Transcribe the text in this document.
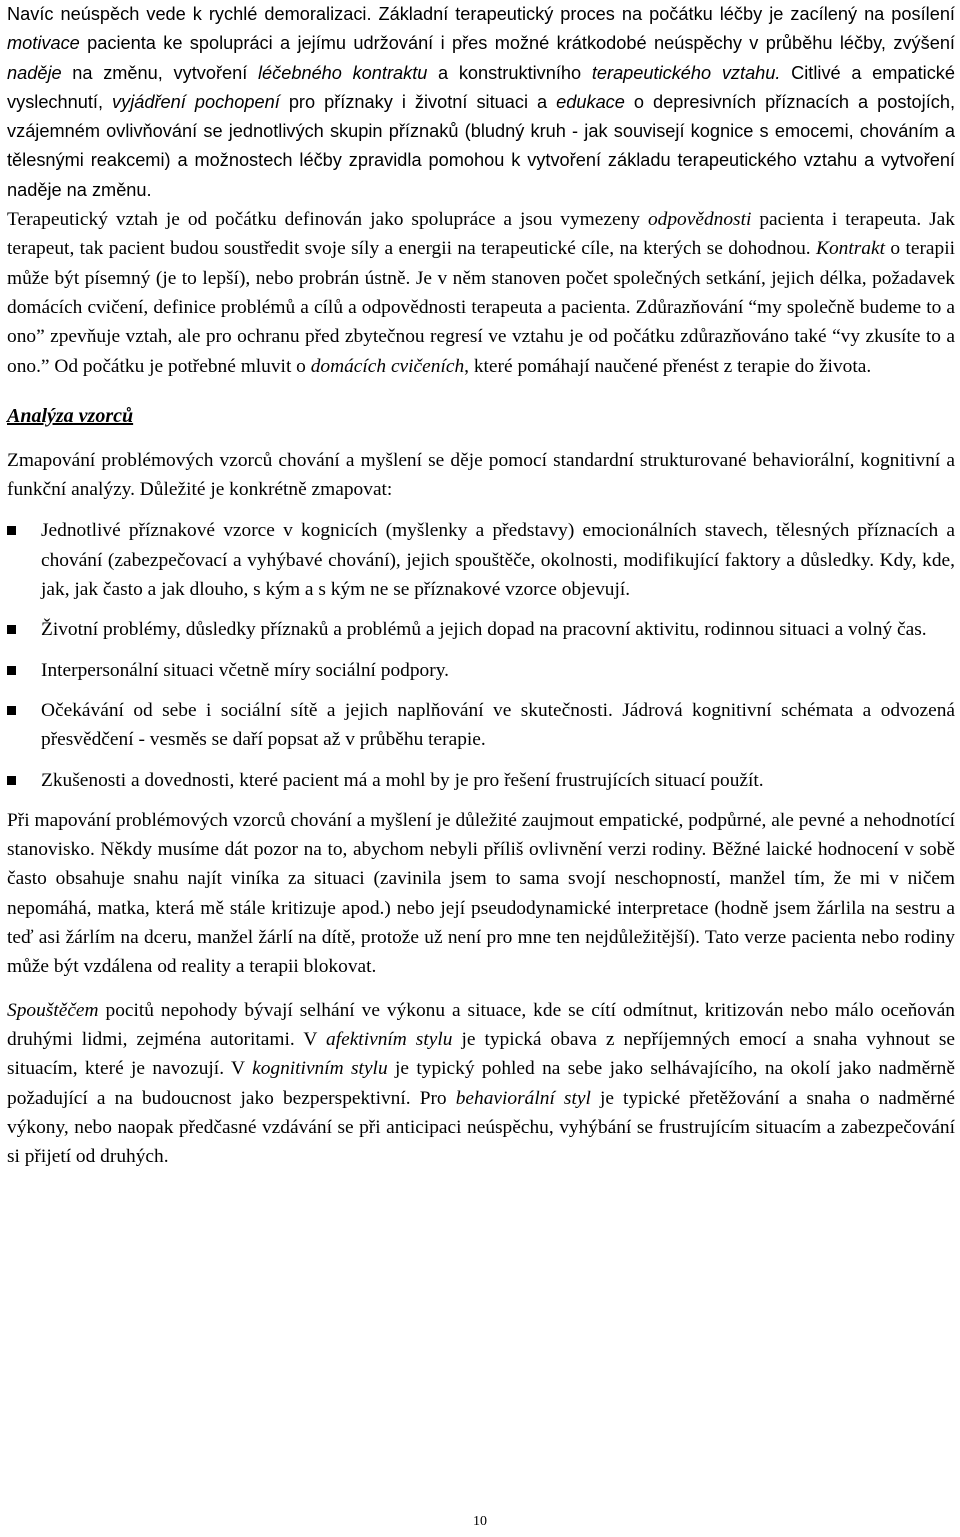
Navíc neúspěch vede k rychlé demoralizaci. Základní terapeutický proces na počátku léčby je zacílený na posílení motivace pacienta ke spolupráci a jejímu udržování i přes možné krátkodobé neúspěchy v průběhu léčby, zvýšení naděje na změnu, vytvoření léčebného kontraktu a konstruktivního terapeutického vztahu. Citlivé a empatické vyslechnutí, vyjádření pochopení pro příznaky i životní situaci a edukace o depresivních příznacích a postojích, vzájemném ovlivňování se jednotlivých skupin příznaků (bludný kruh - jak souvisejí kognice s emocemi, chováním a tělesnými reakcemi) a možnostech léčby zpravidla pomohou k vytvoření základu terapeutického vztahu a vytvoření naděje na změnu.

Terapeutický vztah je od počátku definován jako spolupráce a jsou vymezeny odpovědnosti pacienta i terapeuta. Jak terapeut, tak pacient budou soustředit svoje síly a energii na terapeutické cíle, na kterých se dohodnou. Kontrakt o terapii může být písemný (je to lepší), nebo probrán ústně. Je v něm stanoven počet společných setkání, jejich délka, požadavek domácích cvičení, definice problémů a cílů a odpovědnosti terapeuta a pacienta. Zdůrazňování “my společně budeme to a ono” zpevňuje vztah, ale pro ochranu před zbytečnou regresí ve vztahu je od počátku zdůrazňováno také “vy zkusíte to a ono.” Od počátku je potřebné mluvit o domácích cvičeních, které pomáhají naučené přenést z terapie do života.

Analýza vzorců

Zmapování problémových vzorců chování a myšlení se děje pomocí standardní strukturované behaviorální, kognitivní a funkční analýzy. Důležité je konkrétně zmapovat:

Jednotlivé příznakové vzorce v kognicích (myšlenky a představy) emocionálních stavech, tělesných příznacích a chování (zabezpečovací a vyhýbavé chování), jejich spouštěče, okolnosti, modifikující faktory a důsledky. Kdy, kde, jak, jak často a jak dlouho, s kým a s kým ne se příznakové vzorce objevují.
Životní problémy, důsledky příznaků a problémů a jejich dopad na pracovní aktivitu, rodinnou situaci a volný čas.
Interpersonální situaci včetně míry sociální podpory.
Očekávání od sebe i sociální sítě a jejich naplňování ve skutečnosti. Jádrová kognitivní schémata a odvozená přesvědčení - vesměs se daří popsat až v průběhu terapie.
Zkušenosti a dovednosti, které pacient má a mohl by je pro řešení frustrujících situací použít.

Při mapování problémových vzorců chování a myšlení je důležité zaujmout empatické, podpůrné, ale pevné a nehodnotící stanovisko. Někdy musíme dát pozor na to, abychom nebyli příliš ovlivnění verzi rodiny. Běžné laické hodnocení v sobě často obsahuje snahu najít viníka za situaci (zavinila jsem to sama svojí neschopností, manžel tím, že mi v ničem nepomáhá, matka, která mě stále kritizuje apod.) nebo její pseudodynamické interpretace (hodně jsem žárlila na sestru a teď asi žárlím na dceru, manžel žárlí na dítě, protože už není pro mne ten nejdůležitější). Tato verze pacienta nebo rodiny může být vzdálena od reality a terapii blokovat.

Spouštěčem pocitů nepohody bývají selhání ve výkonu a situace, kde se cítí odmítnut, kritizován nebo málo oceňován druhými lidmi, zejména autoritami. V afektivním stylu je typická obava z nepříjemných emocí a snaha vyhnout se situacím, které je navozují. V kognitivním stylu je typický pohled na sebe jako selhávajícího, na okolí jako nadměrně požadující a na budoucnost jako bezperspektivní. Pro behaviorální styl je typické přetěžování a snaha o nadměrné výkony, nebo naopak předčasné vzdávání se při anticipaci neúspěchu, vyhýbání se frustrujícím situacím a zabezpečování si přijetí od druhých.

10
